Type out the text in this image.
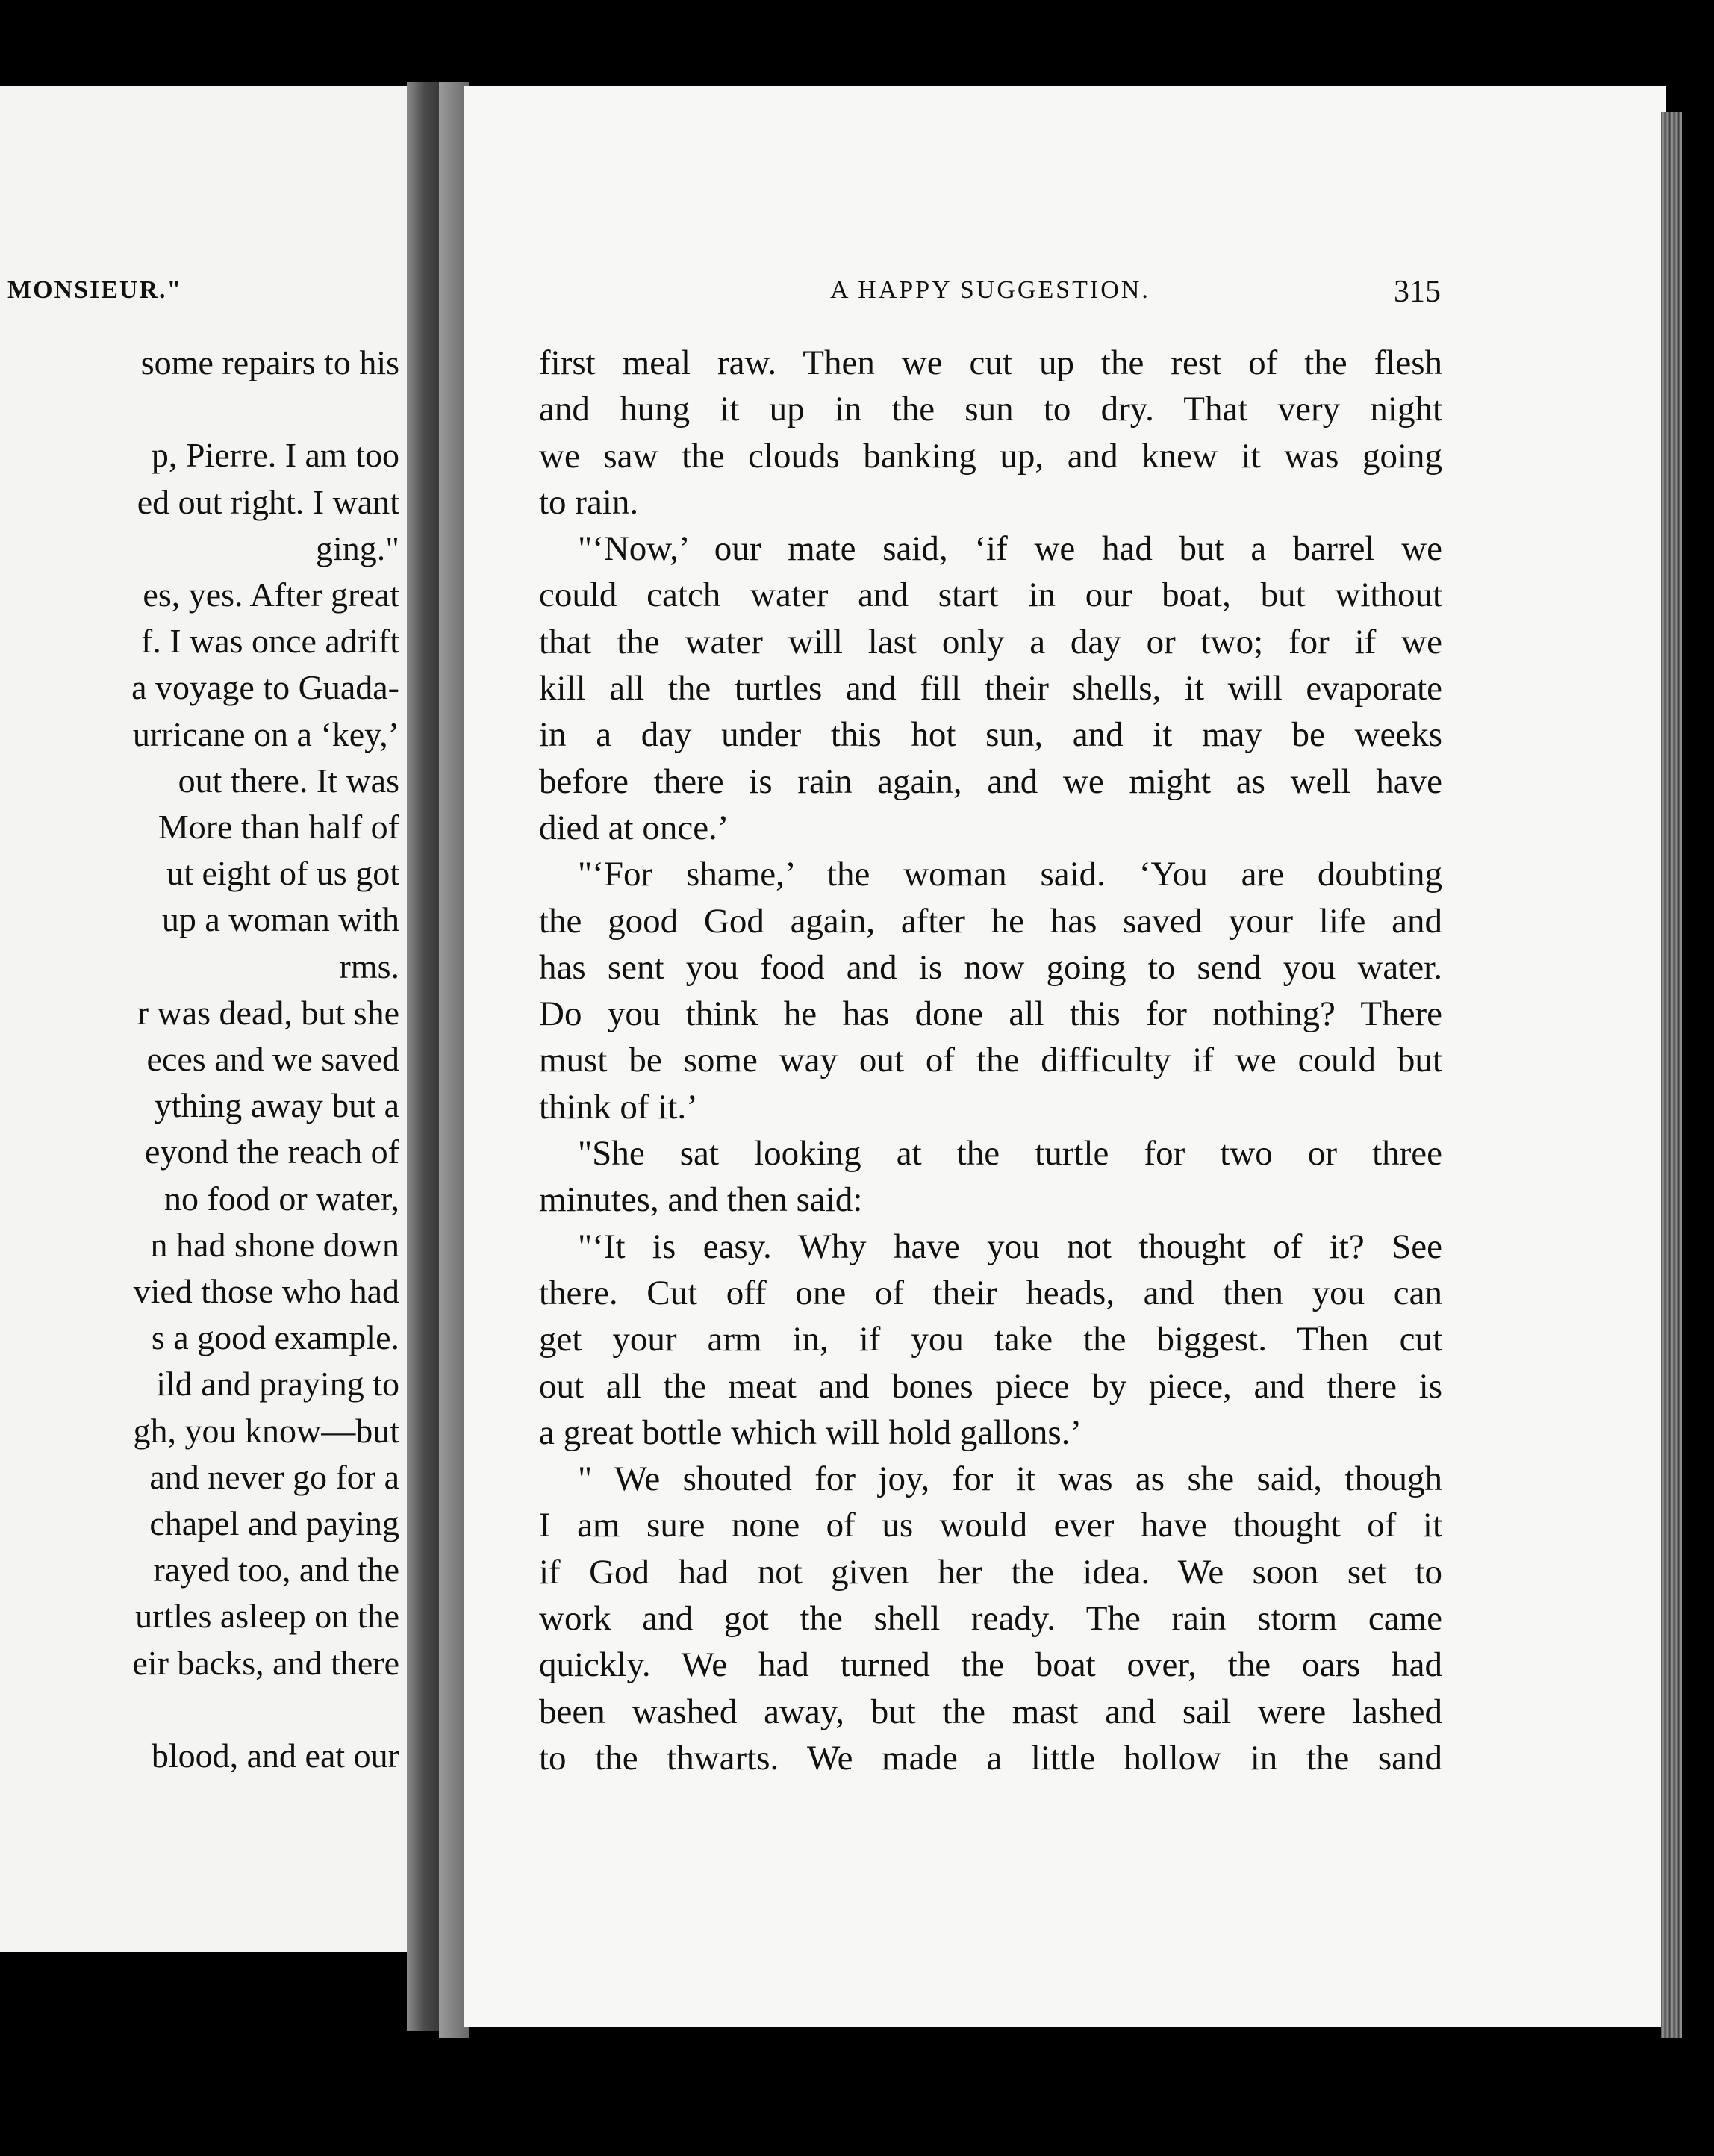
MONSIEUR."
some repairs to his

p, Pierre. I am too
ed out right. I want
ging."
es, yes. After great
f. I was once adrift
a voyage to Guada-
urricane on a ‘key,’
out there. It was
More than half of
ut eight of us got
up a woman with
rms.
r was dead, but she
eces and we saved
ything away but a
eyond the reach of
no food or water,
n had shone down
vied those who had
s a good example.
ild and praying to
gh, you know—but
and never go for a
chapel and paying
rayed too, and the
urtles asleep on the
eir backs, and there

blood, and eat our
A HAPPY SUGGESTION.	315
first meal raw. Then we cut up the rest of the flesh
and hung it up in the sun to dry. That very night
we saw the clouds banking up, and knew it was going
to rain.
"‘Now,’ our mate said, ‘if we had but a barrel we
could catch water and start in our boat, but without
that the water will last only a day or two; for if we
kill all the turtles and fill their shells, it will evaporate
in a day under this hot sun, and it may be weeks
before there is rain again, and we might as well have
died at once.’
"‘For shame,’ the woman said. ‘You are doubting
the good God again, after he has saved your life and
has sent you food and is now going to send you water.
Do you think he has done all this for nothing? There
must be some way out of the difficulty if we could but
think of it.’
"She sat looking at the turtle for two or three
minutes, and then said:
"‘It is easy. Why have you not thought of it? See
there. Cut off one of their heads, and then you can
get your arm in, if you take the biggest. Then cut
out all the meat and bones piece by piece, and there is
a great bottle which will hold gallons.’
" We shouted for joy, for it was as she said, though
I am sure none of us would ever have thought of it
if God had not given her the idea. We soon set to
work and got the shell ready. The rain storm came
quickly. We had turned the boat over, the oars had
been washed away, but the mast and sail were lashed
to the thwarts. We made a little hollow in the sand
